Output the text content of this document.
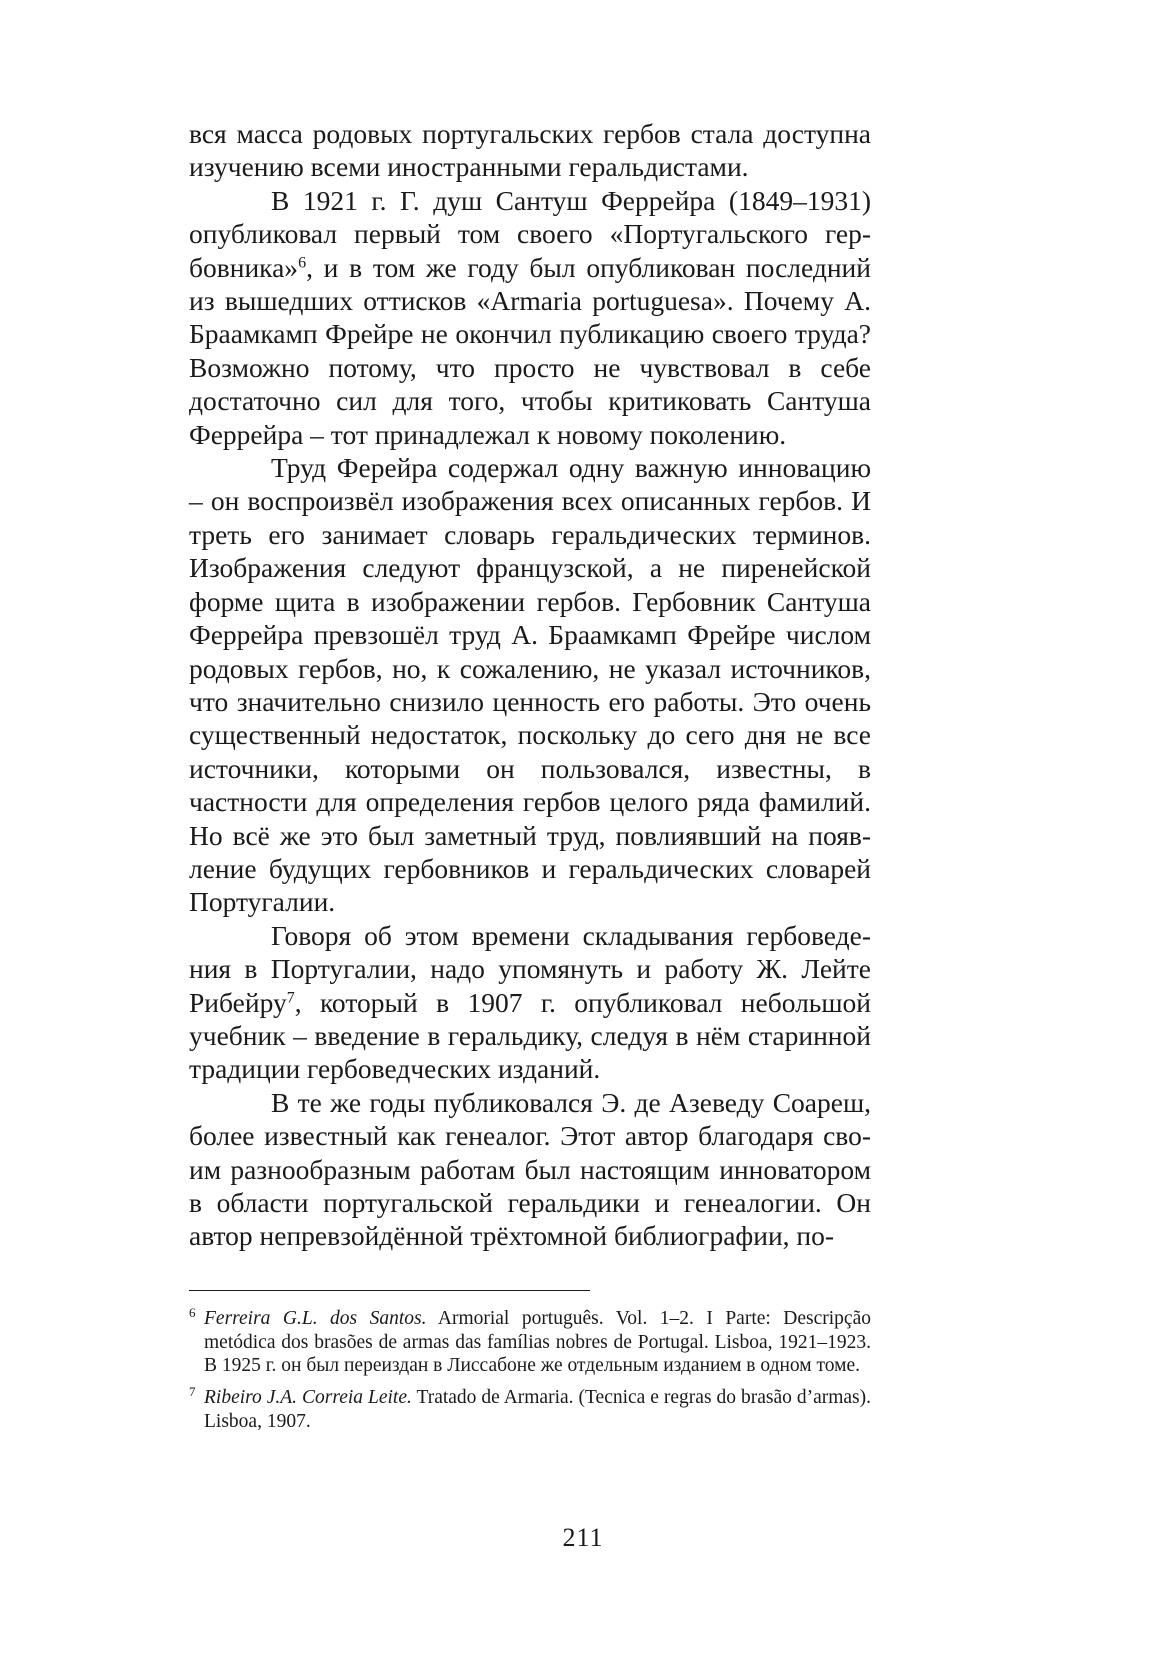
вся масса родовых португальских гербов стала доступна изучению всеми иностранными геральдистами.

В 1921 г. Г. душ Сантуш Феррейра (1849–1931) опубликовал первый том своего «Португальского гербовника»$^6$, и в том же году был опубликован последний из вышедших оттисков «Armaria portuguesa». Почему А. Браамкамп Фрейре не окончил публикацию своего труда? Возможно потому, что просто не чувствовал в себе достаточно сил для того, чтобы критиковать Сантуша Феррейра – тот принадлежал к новому поколению.

Труд Ферейра содержал одну важную инновацию – он воспроизвёл изображения всех описанных гербов. И треть его занимает словарь геральдических терминов. Изображения следуют французской, а не пиренейской форме щита в изображении гербов. Гербовник Сантуша Феррейра превзошёл труд А. Браамкамп Фрейре числом родовых гербов, но, к сожалению, не указал источников, что значительно снизило ценность его работы. Это очень существенный недостаток, поскольку до сего дня не все источники, которыми он пользовался, известны, в частности для определения гербов целого ряда фамилий. Но всё же это был заметный труд, повлиявший на появление будущих гербовников и геральдических словарей Португалии.

Говоря об этом времени складывания гербоведения в Португалии, надо упомянуть и работу Ж. Лейте Рибейру$^7$, который в 1907 г. опубликовал небольшой учебник – введение в геральдику, следуя в нём старинной традиции гербоведческих изданий.

В те же годы публиковался Э. де Азеведу Соареш, более известный как генеалог. Этот автор благодаря своим разнообразным работам был настоящим инноватором в области португальской геральдики и генеалогии. Он автор непревзойдённой трёхтомной библиографии, по-

6 Ferreira G.L. dos Santos. Armorial português. Vol. 1–2. I Parte: Descripção metódica dos brasões de armas das famílias nobres de Portugal. Lisboa, 1921–1923. В 1925 г. он был переиздан в Лиссабоне же отдельным изданием в одном томе.

7 Ribeiro J.A. Correia Leite. Tratado de Armaria. (Tecnica e regras do brasão d’armas). Lisboa, 1907.

211
